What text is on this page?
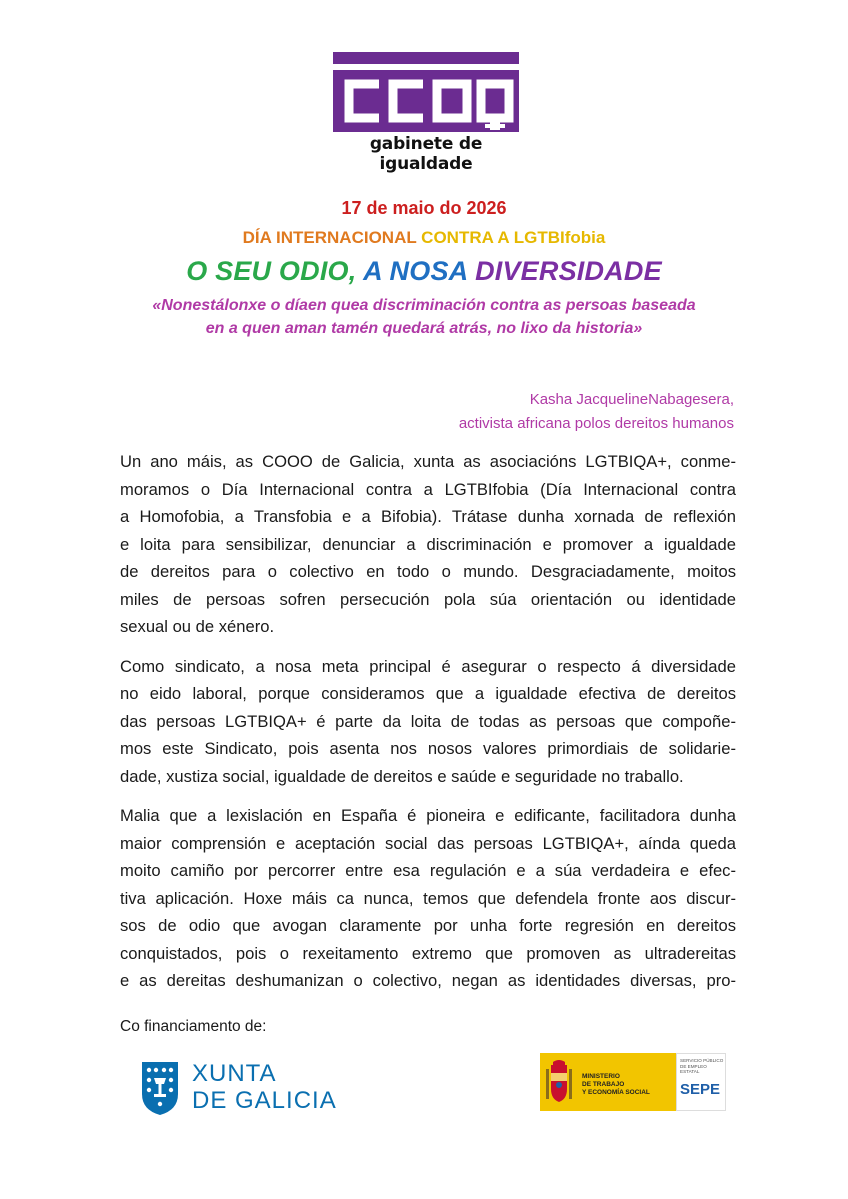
gabinete de igualdade
17 de maio do 2026
DÍA INTERNACIONAL CONTRA A LGTBIfobia
O SEU ODIO, A NOSA DIVERSIDADE
«Nonestálonxe o díaen quea discriminación contra as persoas baseada
en a quen aman tamén quedará atrás, no lixo da historia»
Kasha JacquelineNabagesera,
activista africana polos dereitos humanos

Un ano máis, as COOO de Galicia, xunta as asociacións LGTBIQA+, conme-
moramos o Día Internacional contra a LGTBIfobia (Día Internacional contra
a Homofobia, a Transfobia e a Bifobia). Trátase dunha xornada de reflexión
e loita para sensibilizar, denunciar a discriminación e promover a igualdade
de dereitos para o colectivo en todo o mundo. Desgraciadamente, moitos
miles de persoas sofren persecución pola súa orientación ou identidade
sexual ou de xénero.

Como sindicato, a nosa meta principal é asegurar o respecto á diversidade
no eido laboral, porque consideramos que a igualdade efectiva de dereitos
das persoas LGTBIQA+ é parte da loita de todas as persoas que compoñe-
mos este Sindicato, pois asenta nos nosos valores primordiais de solidarie-
dade, xustiza social, igualdade de dereitos e saúde e seguridade no traballo.

Malia que a lexislación en España é pioneira e edificante, facilitadora dunha
maior comprensión e aceptación social das persoas LGTBIQA+, aínda queda
moito camiño por percorrer entre esa regulación e a súa verdadeira e efec-
tiva aplicación. Hoxe máis ca nunca, temos que defendela fronte aos discur-
sos de odio que avogan claramente por unha forte regresión en dereitos
conquistados, pois o rexeitamento extremo que promoven as ultradereitas
e as dereitas deshumanizan o colectivo, negan as identidades diversas, pro-

Co financiamento de:
XUNTA
DE GALICIA
MINISTERIO
DE TRABAJO
Y ECONOMÍA SOCIAL
SERVICIO PÚBLICO DE EMPLEO ESTATAL
SEPE
